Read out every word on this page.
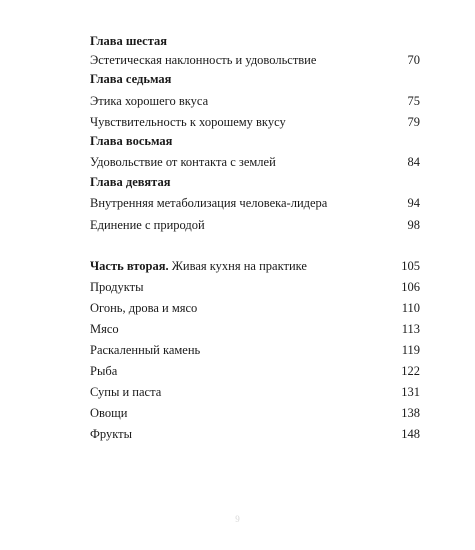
Глава шестая
Эстетическая наклонность и удовольствие	70
Глава седьмая
Этика хорошего вкуса	75
Чувствительность к хорошему вкусу	79
Глава восьмая
Удовольствие от контакта с землей	84
Глава девятая
Внутренняя метаболизация человека-лидера	94
Единение с природой	98
Часть вторая. Живая кухня на практике	105
Продукты	106
Огонь, дрова и мясо	110
Мясо	113
Раскаленный камень	119
Рыба	122
Супы и паста	131
Овощи	138
Фрукты	148
9
